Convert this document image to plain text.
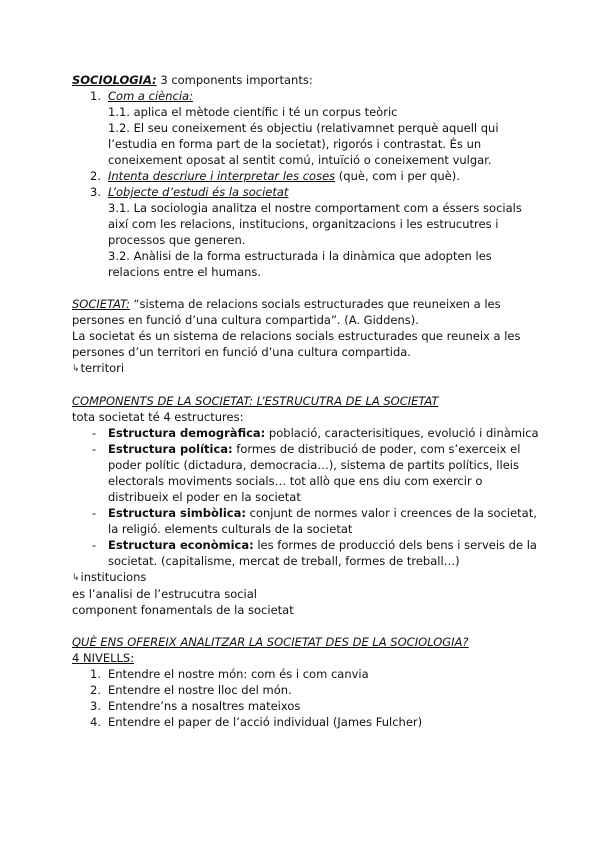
SOCIOLOGIA: 3 components importants:

1. Com a ciència:

1.1. aplica el mètode científic i té un corpus teòric

1.2. El seu coneixement és objectiu (relativamnet perquè aquell qui l’estudia en forma part de la societat), rigorós i contrastat. És un coneixement oposat al sentit comú, intuïció o coneixement vulgar.

2. Intenta descriure i interpretar les coses (què, com i per què).
3. L’objecte d’estudi és la societat

3.1. La sociologia analitza el nostre comportament com a éssers socials així com les relacions, institucions, organitzacions i les estrucutres i processos que generen.

3.2. Anàlisi de la forma estructurada i la dinàmica que adopten les relacions entre el humans.

SOCIETAT: “sistema de relacions socials estructurades que reuneixen a les persones en funció d’una cultura compartida”. (A. Giddens).

La societat és un sistema de relacions socials estructurades que reuneix a les persones d’un territori en funció d’una cultura compartida.

↳territori

COMPONENTS DE LA SOCIETAT: L’ESTRUCUTRA DE LA SOCIETAT

tota societat té 4 estructures:

- Estructura demogràfica: població, caracterisitiques, evolució i dinàmica
- Estructura política: formes de distribució de poder, com s’exerceix el poder polític (dictadura, democracia…), sistema de partits polítics, lleis electorals moviments socials… tot allò que ens diu com exercir o distribueix el poder en la societat
- Estructura simbòlica: conjunt de normes valor i creences de la societat, la religió. elements culturals de la societat
- Estructura econòmica: les formes de producció dels bens i serveis de la societat. (capitalisme, mercat de treball, formes de treball…)

↳institucions

es l’analisi de l’estrucutra social

component fonamentals de la societat

QUÈ ENS OFEREIX ANALITZAR LA SOCIETAT DES DE LA SOCIOLOGIA?

4 NIVELLS:

1. Entendre el nostre món: com és i com canvia
2. Entendre el nostre lloc del món.
3. Entendre’ns a nosaltres mateixos
4. Entendre el paper de l’acció individual (James Fulcher)
